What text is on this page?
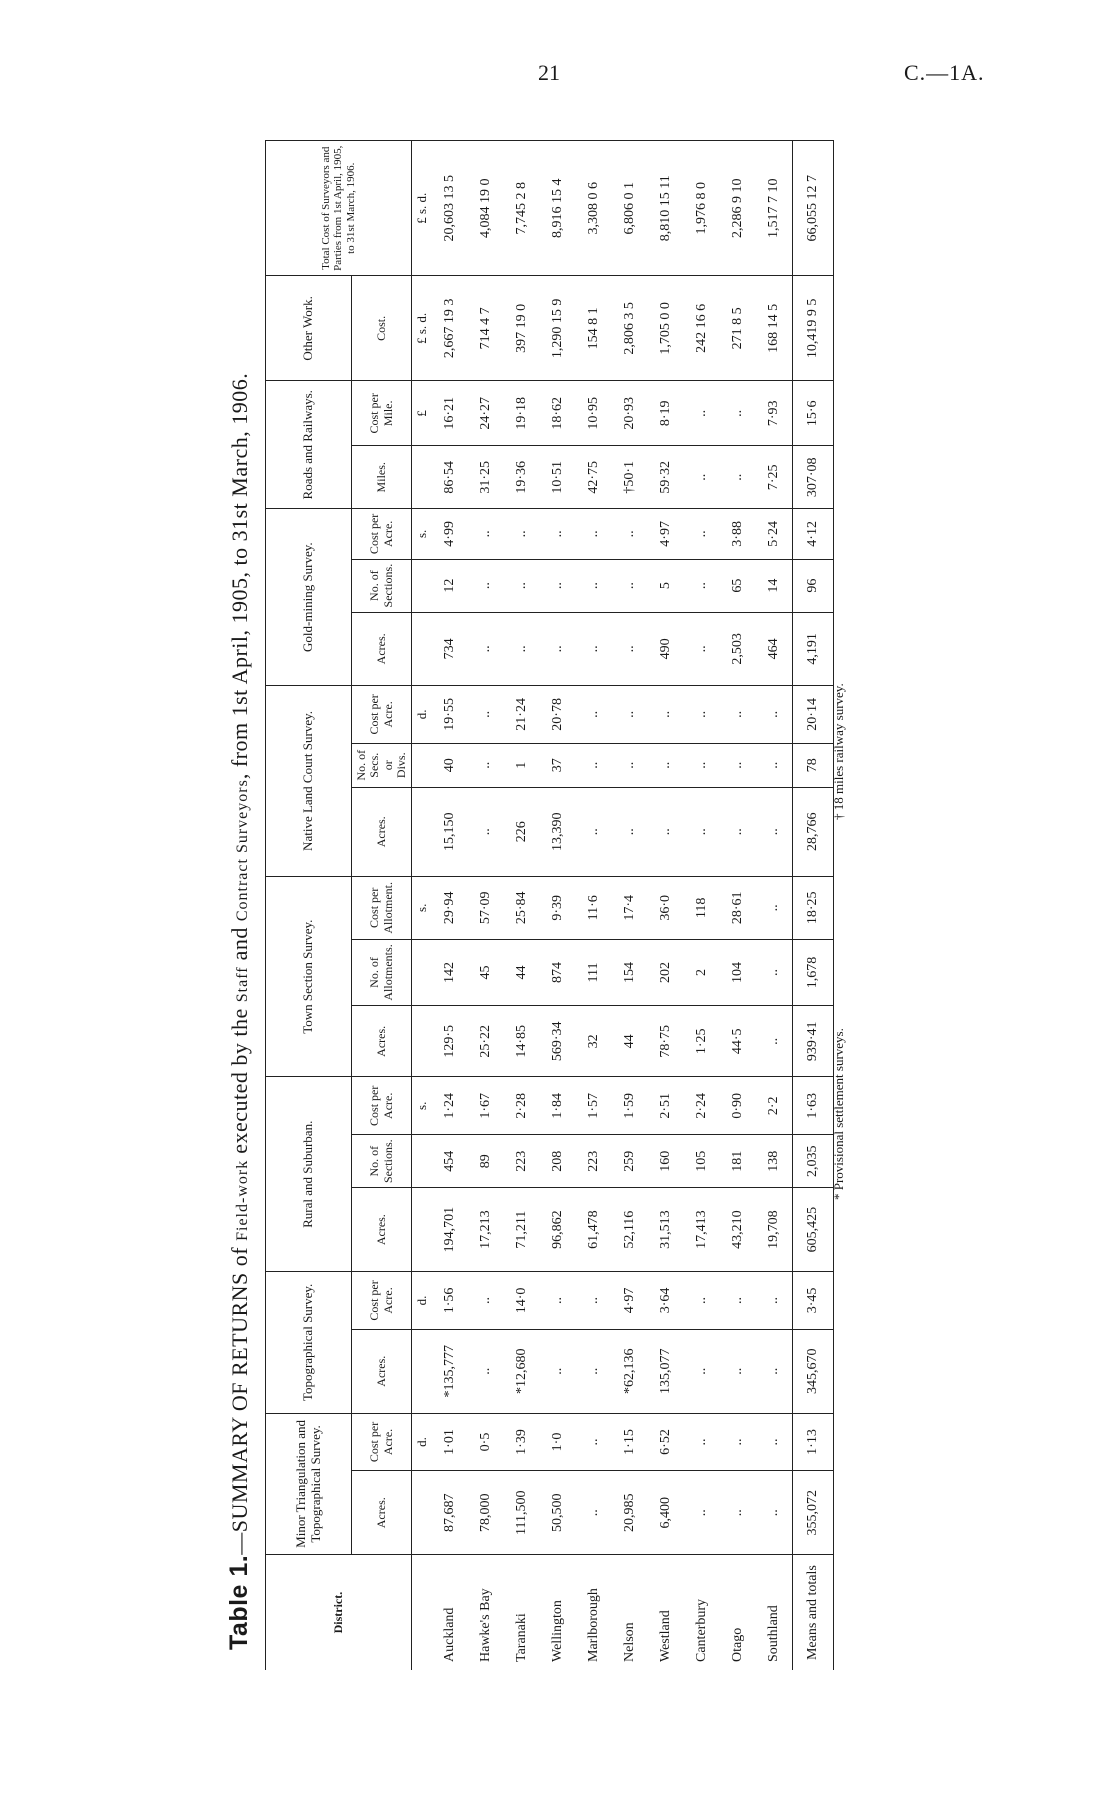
21	C.—1A.
Table 1.—SUMMARY OF RETURNS of Field-work executed by the Staff and Contract Surveyors, from 1st April, 1905, to 31st March, 1906.
District.	Minor Triangulation and Topographical Survey.		Topographical Survey.		Rural and Suburban.			Town Section Survey.			Native Land Court Survey.			Gold-mining Survey.			Roads and Railways.		Other Work.	Total Cost of Surveyors and Parties from 1st April, 1905, to 31st March, 1906.
	Acres.	Cost per Acre.	Acres.	Cost per Acre.	Acres.	No. of Sections.	Cost per Acre.	Acres.	No. of Allotments.	Cost per Allotment.	Acres.	No. of Secs. or Divs.	Cost per Acre.	Acres.	No. of Sections.	Cost per Acre.	Miles.	Cost per Mile.	Cost.	
		d.		d.			s.			s.			d.			s.		£	£ s. d.	£ s. d.
Auckland	87,687	1·01	*135,777	1·56	194,701	454	1·24	129·5	142	29·94	15,150	40	19·55	734	12	4·99	86·54	16·21	2,667 19 3	20,603 13 5
Hawke's Bay	78,000	0·5	..	..	17,213	89	1·67	25·22	45	57·09	..	..	..	..	..	..	31·25	24·27	714 4 7	4,084 19 0
Taranaki	111,500	1·39	*12,680	14·0	71,211	223	2·28	14·85	44	25·84	226	1	21·24	..	..	..	19·36	19·18	397 19 0	7,745 2 8
Wellington	50,500	1·0	..	..	96,862	208	1·84	569·34	874	9·39	13,390	37	20·78	..	..	..	10·51	18·62	1,290 15 9	8,916 15 4
Marlborough	..	..	..	..	61,478	223	1·57	32	111	11·6	..	..	..	..	..	..	42·75	10·95	154 8 1	3,308 0 6
Nelson	20,985	1·15	*62,136	4·97	52,116	259	1·59	44	154	17·4	..	..	..	..	..	..	†50·1	20·93	2,806 3 5	6,806 0 1
Westland	6,400	6·52	135,077	3·64	31,513	160	2·51	78·75	202	36·0	..	..	..	490	5	4·97	59·32	8·19	1,705 0 0	8,810 15 11
Canterbury	..	..	..	..	17,413	105	2·24	1·25	2	118	..	..	..	..	..	..	..	..	242 16 6	1,976 8 0
Otago	..	..	..	..	43,210	181	0·90	44·5	104	28·61	..	..	..	2,503	65	3·88	..	..	271 8 5	2,286 9 10
Southland	..	..	..	..	19,708	138	2·2	..	..	..	..	..	..	464	14	5·24	7·25	7·93	168 14 5	1,517 7 10
Means and totals	355,072	1·13	345,670	3·45	605,425	2,035	1·63	939·41	1,678	18·25	28,766	78	20·14	4,191	96	4·12	307·08	15·6	10,419 9 5	66,055 12 7
* Provisional settlement surveys.
† 18 miles railway survey.
